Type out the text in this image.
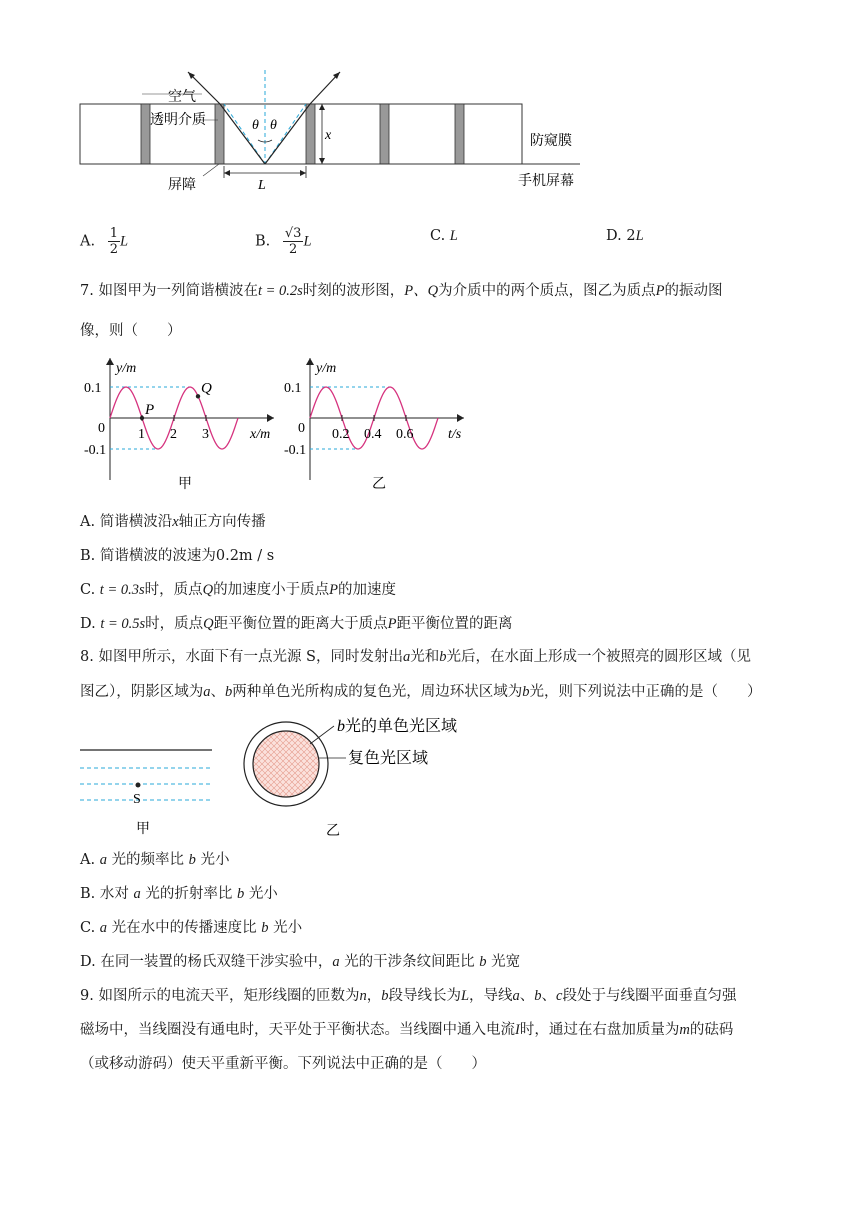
空气
透明介质	θ θ
x	防窥膜
屏障	L	手机屏幕
A. $\frac{1}{2}$ L	B. $\frac{√3}{2}$ L	C. L	D. 2L
7. 如图甲为一列简谐横波在t = 0.2s时刻的波形图，P、Q为介质中的两个质点，图乙为质点P的振动图
像，则（　　）
0.1
0
-0.1
1 2 3
P
Q
y/m
x/m
甲
0.1
0
-0.1
0.2 0.4 0.6
y/m
t/s
乙
A. 简谐横波沿x轴正方向传播
B. 简谐横波的波速为0.2m / s
C. t = 0.3s时，质点Q的加速度小于质点P的加速度
D. t = 0.5s时，质点Q距平衡位置的距离大于质点P距平衡位置的距离
8. 如图甲所示，水面下有一点光源 S，同时发射出a光和b光后，在水面上形成一个被照亮的圆形区域（见
图乙），阴影区域为a、b两种单色光所构成的复色光，周边环状区域为b光，则下列说法中正确的是（　　）
S
甲
b光的单色光区域
复色光区域
乙
A. a 光的频率比 b 光小
B. 水对 a 光的折射率比 b 光小
C. a 光在水中的传播速度比 b 光小
D. 在同一装置的杨氏双缝干涉实验中，a 光的干涉条纹间距比 b 光宽
9. 如图所示的电流天平，矩形线圈的匝数为n，b段导线长为L，导线a、b、c段处于与线圈平面垂直匀强
磁场中，当线圈没有通电时，天平处于平衡状态。当线圈中通入电流I时，通过在右盘加质量为m的砝码
（或移动游码）使天平重新平衡。下列说法中正确的是（　　）
